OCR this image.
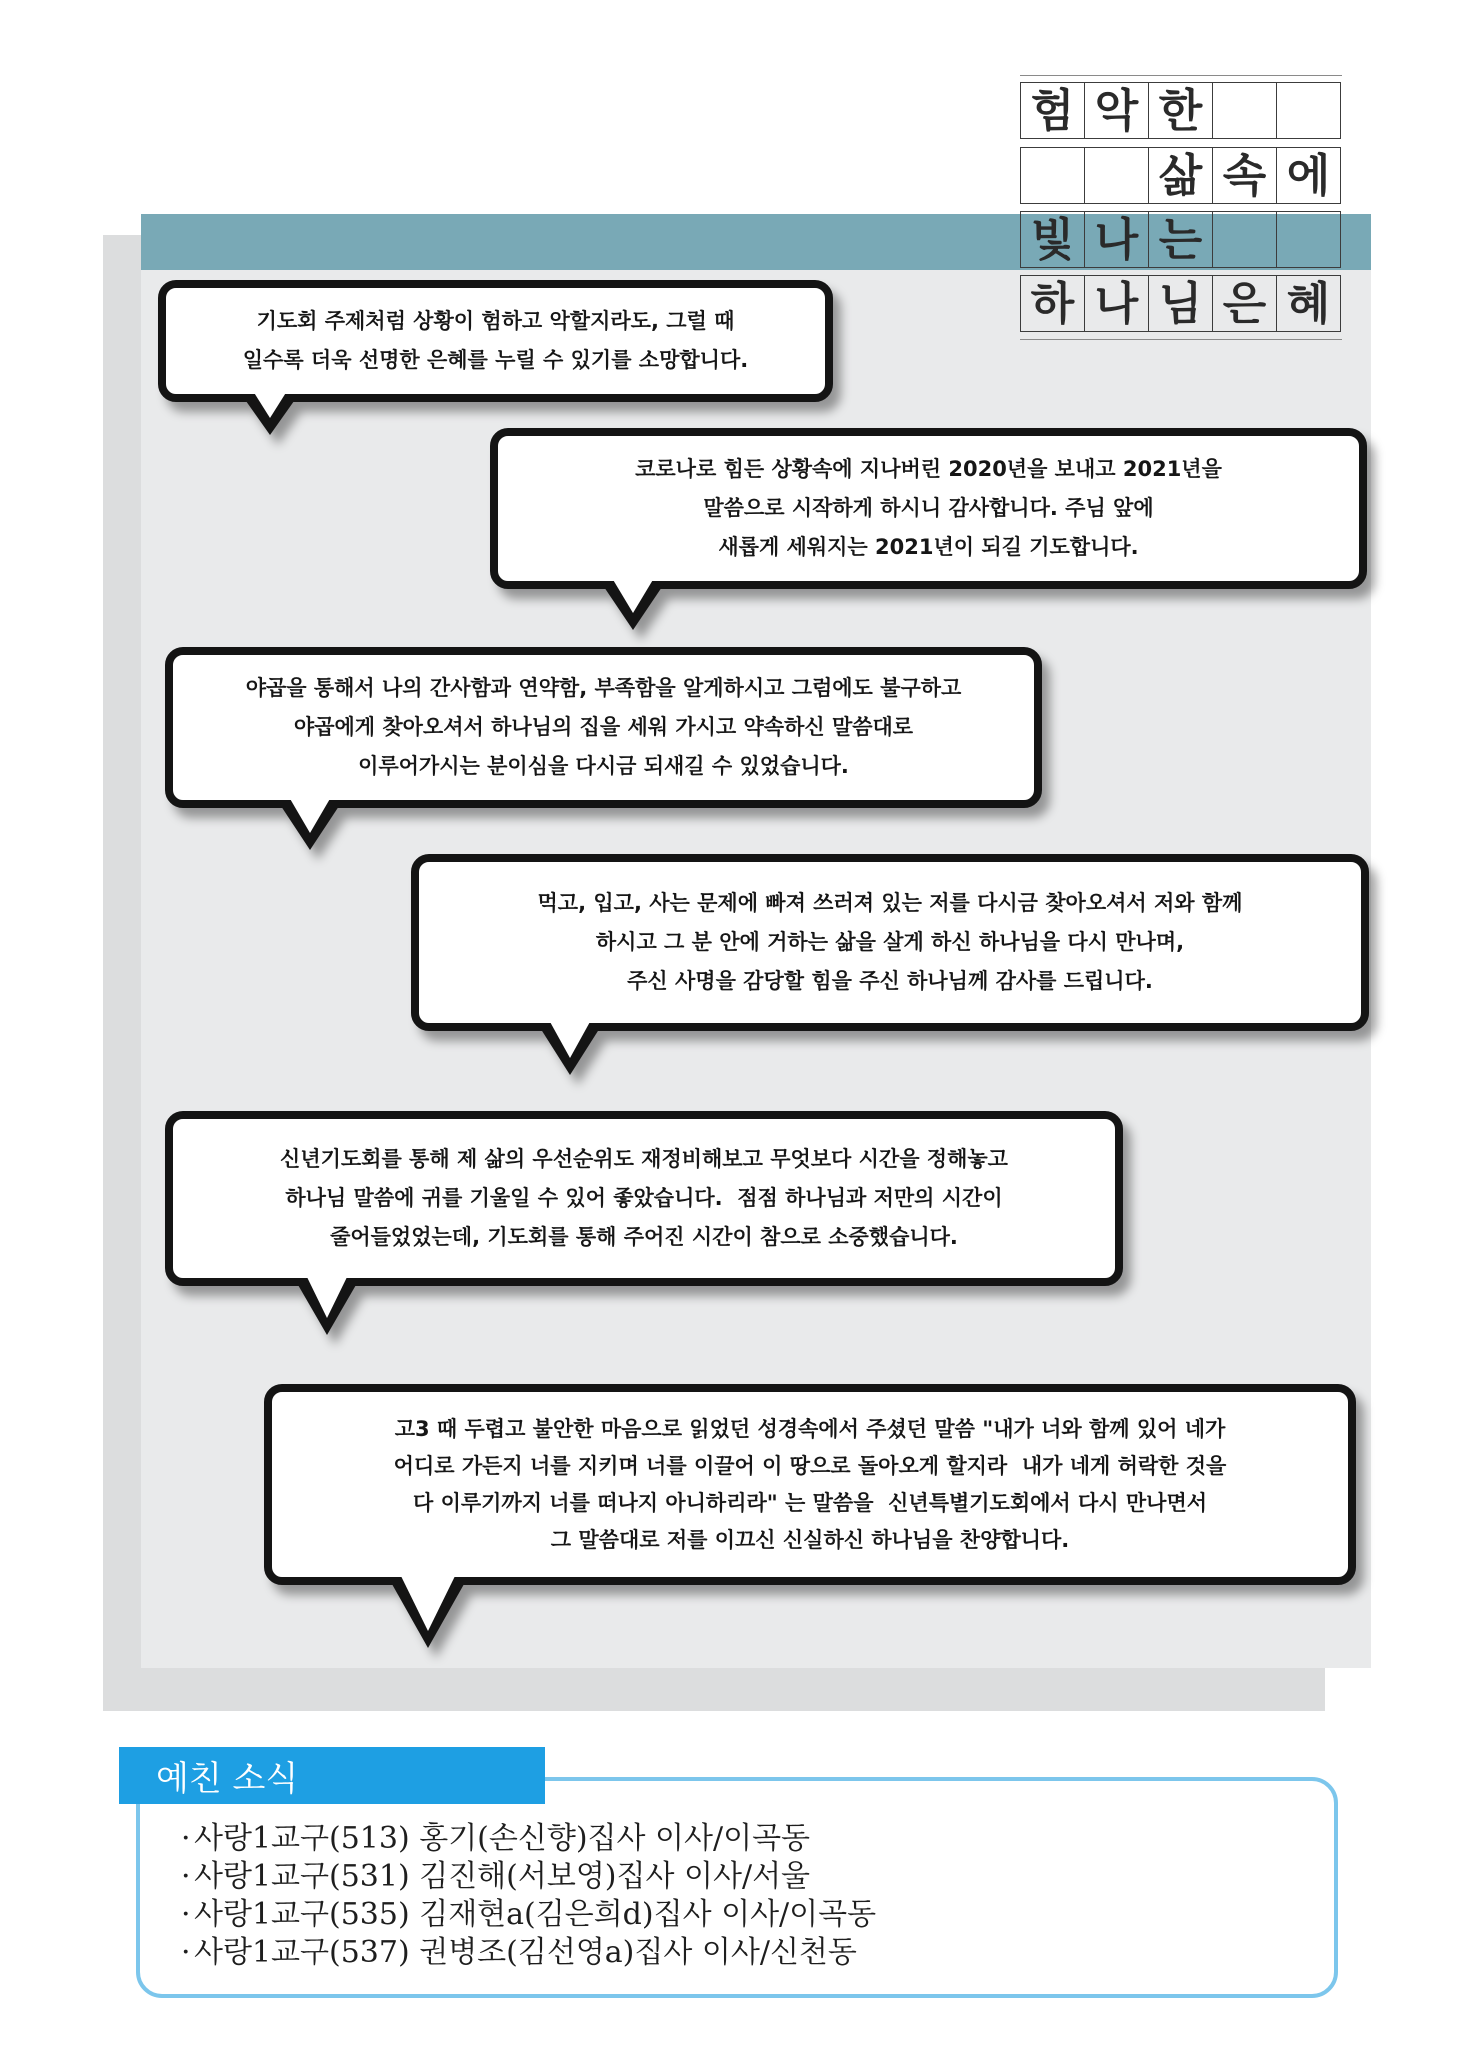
험 악 한
삶 속 에
빛 나 는
하 나 님 은 혜
기도회 주제처럼 상황이 험하고 악할지라도, 그럴 때
일수록 더욱 선명한 은혜를 누릴 수 있기를 소망합니다.
코로나로 힘든 상황속에 지나버린 2020년을 보내고 2021년을
말씀으로 시작하게 하시니 감사합니다. 주님 앞에
새롭게 세워지는 2021년이 되길 기도합니다.
야곱을 통해서 나의 간사함과 연약함, 부족함을 알게하시고 그럼에도 불구하고
야곱에게 찾아오셔서 하나님의 집을 세워 가시고 약속하신 말씀대로
이루어가시는 분이심을 다시금 되새길 수 있었습니다.
먹고, 입고, 사는 문제에 빠져 쓰러져 있는 저를 다시금 찾아오셔서 저와 함께
하시고 그 분 안에 거하는 삶을 살게 하신 하나님을 다시 만나며,
주신 사명을 감당할 힘을 주신 하나님께 감사를 드립니다.
신년기도회를 통해 제 삶의 우선순위도 재정비해보고 무엇보다 시간을 정해놓고
하나님 말씀에 귀를 기울일 수 있어 좋았습니다.  점점 하나님과 저만의 시간이
줄어들었었는데, 기도회를 통해 주어진 시간이 참으로 소중했습니다.
고3 때 두렵고 불안한 마음으로 읽었던 성경속에서 주셨던 말씀 "내가 너와 함께 있어 네가
어디로 가든지 너를 지키며 너를 이끌어 이 땅으로 돌아오게 할지라  내가 네게 허락한 것을
다 이루기까지 너를 떠나지 아니하리라" 는 말씀을  신년특별기도회에서 다시 만나면서
그 말씀대로 저를 이끄신 신실하신 하나님을 찬양합니다.
예친 소식
·사랑1교구(513) 홍기(손신향)집사 이사/이곡동
·사랑1교구(531) 김진해(서보영)집사 이사/서울
·사랑1교구(535) 김재현a(김은희d)집사 이사/이곡동
·사랑1교구(537) 권병조(김선영a)집사 이사/신천동
